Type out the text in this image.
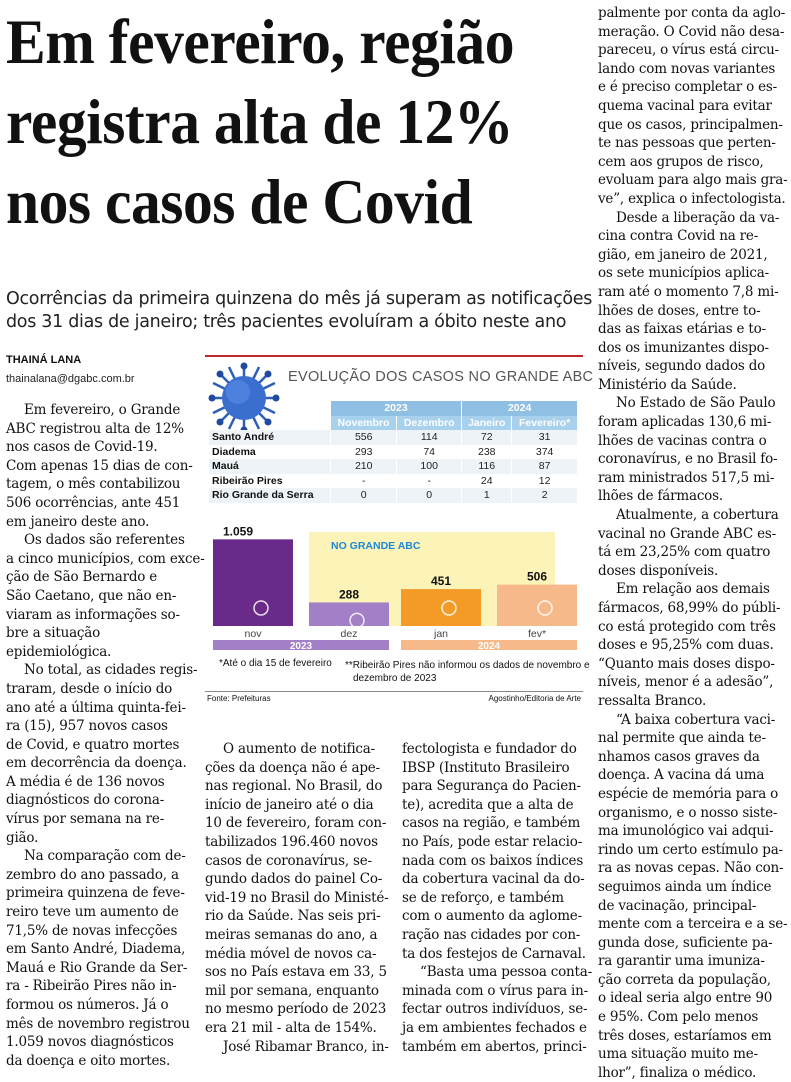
Em fevereiro, região
registra alta de 12%
nos casos de Covid
Ocorrências da primeira quinzena do mês já superam as notificações
dos 31 dias de janeiro; três pacientes evoluíram a óbito neste ano
THAINÁ LANA
thainalana@dgabc.com.br

Em fevereiro, o Grande
ABC registrou alta de 12%
nos casos de Covid-19.
Com apenas 15 dias de con-
tagem, o mês contabilizou
506 ocorrências, ante 451
em janeiro deste ano.

Os dados são referentes
a cinco municípios, com exce-
ção de São Bernardo e
São Caetano, que não en-
viaram as informações so-
bre a situação
epidemiológica.

No total, as cidades regis-
traram, desde o início do
ano até a última quinta-fei-
ra (15), 957 novos casos
de Covid, e quatro mortes
em decorrência da doença.
A média é de 136 novos
diagnósticos do corona-
vírus por semana na re-
gião.

Na comparação com de-
zembro do ano passado, a
primeira quinzena de feve-
reiro teve um aumento de
71,5% de novas infecções
em Santo André, Diadema,
Mauá e Rio Grande da Ser-
ra - Ribeirão Pires não in-
formou os números. Já o
mês de novembro registrou
1.059 novos diagnósticos
da doença e oito mortes.

O aumento de notifica-
ções da doença não é ape-
nas regional. No Brasil, do
início de janeiro até o dia
10 de fevereiro, foram con-
tabilizados 196.460 novos
casos de coronavírus, se-
gundo dados do painel Co-
vid-19 no Brasil do Ministé-
rio da Saúde. Nas seis pri-
meiras semanas do ano, a
média móvel de novos ca-
sos no País estava em 33, 5
mil por semana, enquanto
no mesmo período de 2023
era 21 mil - alta de 154%.

José Ribamar Branco, in-

fectologista e fundador do
IBSP (Instituto Brasileiro
para Segurança do Pacien-
te), acredita que a alta de
casos na região, e também
no País, pode estar relacio-
nada com os baixos índices
da cobertura vacinal da do-
se de reforço, e também
com o aumento da aglome-
ração nas cidades por con-
ta dos festejos de Carnaval.

“Basta uma pessoa conta-
minada com o vírus para in-
fectar outros indivíduos, se-
ja em ambientes fechados e
também em abertos, princi-

palmente por conta da aglo-
meração. O Covid não desa-
pareceu, o vírus está circu-
lando com novas variantes
e é preciso completar o es-
quema vacinal para evitar
que os casos, principalmen-
te nas pessoas que perten-
cem aos grupos de risco,
evoluam para algo mais gra-
ve”, explica o infectologista.

Desde a liberação da va-
cina contra Covid na re-
gião, em janeiro de 2021,
os sete municípios aplica-
ram até o momento 7,8 mi-
lhões de doses, entre to-
das as faixas etárias e to-
dos os imunizantes dispo-
níveis, segundo dados do
Ministério da Saúde.

No Estado de São Paulo
foram aplicadas 130,6 mi-
lhões de vacinas contra o
coronavírus, e no Brasil fo-
ram ministrados 517,5 mi-
lhões de fármacos.

Atualmente, a cobertura
vacinal no Grande ABC es-
tá em 23,25% com quatro
doses disponíveis.

Em relação aos demais
fármacos, 68,99% do públi-
co está protegido com três
doses e 95,25% com duas.
“Quanto mais doses dispo-
níveis, menor é a adesão”,
ressalta Branco.

“A baixa cobertura vaci-
nal permite que ainda te-
nhamos casos graves da
doença. A vacina dá uma
espécie de memória para o
organismo, e o nosso siste-
ma imunológico vai adqui-
rindo um certo estímulo pa-
ra as novas cepas. Não con-
seguimos ainda um índice
de vacinação, principal-
mente com a terceira e a se-
gunda dose, suficiente pa-
ra garantir uma imuniza-
ção correta da população,
o ideal seria algo entre 90
e 95%. Com pelo menos
três doses, estaríamos em
uma situação muito me-
lhor”, finaliza o médico.

EVOLUÇÃO DOS CASOS NO GRANDE ABC
	2023		2024	
	Novembro	Dezembro	Janeiro	Fevereiro*
Santo André	556	114	72	31
Diadema	293	74	238	374
Mauá	210	100	116	87
Ribeirão Pires	-	-	24	12
Rio Grande da Serra	0	0	1	2
1.059
nov
288
dez
451
jan
506
fev*
2023	2024
NO GRANDE ABC
*Até o dia 15 de fevereiro **Ribeirão Pires não informou os dados de novembro e
dezembro de 2023
Fonte: Prefeituras	Agostinho/Editoria de Arte
